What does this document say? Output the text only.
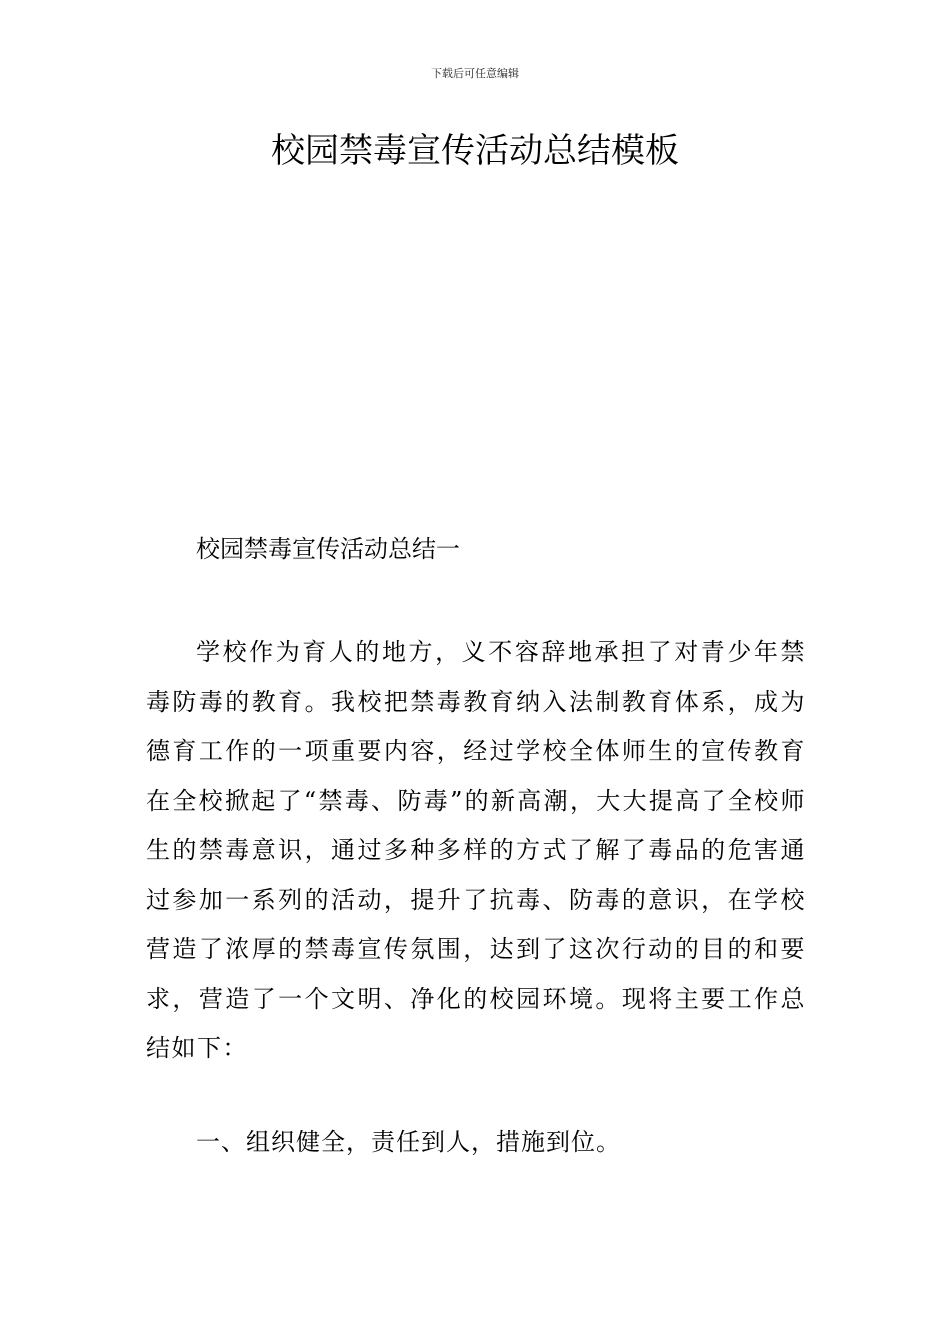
下载后可任意编辑
校园禁毒宣传活动总结模板

校园禁毒宣传活动总结一

学校作为育人的地方，义不容辞地承担了对青少年禁毒防毒的教育。我校把禁毒教育纳入法制教育体系，成为德育工作的一项重要内容，经过学校全体师生的宣传教育在全校掀起了“禁毒、防毒”的新高潮，大大提高了全校师生的禁毒意识，通过多种多样的方式了解了毒品的危害通过参加一系列的活动，提升了抗毒、防毒的意识，在学校营造了浓厚的禁毒宣传氛围，达到了这次行动的目的和要求，营造了一个文明、净化的校园环境。现将主要工作总结如下：

一、组织健全，责任到人，措施到位。
